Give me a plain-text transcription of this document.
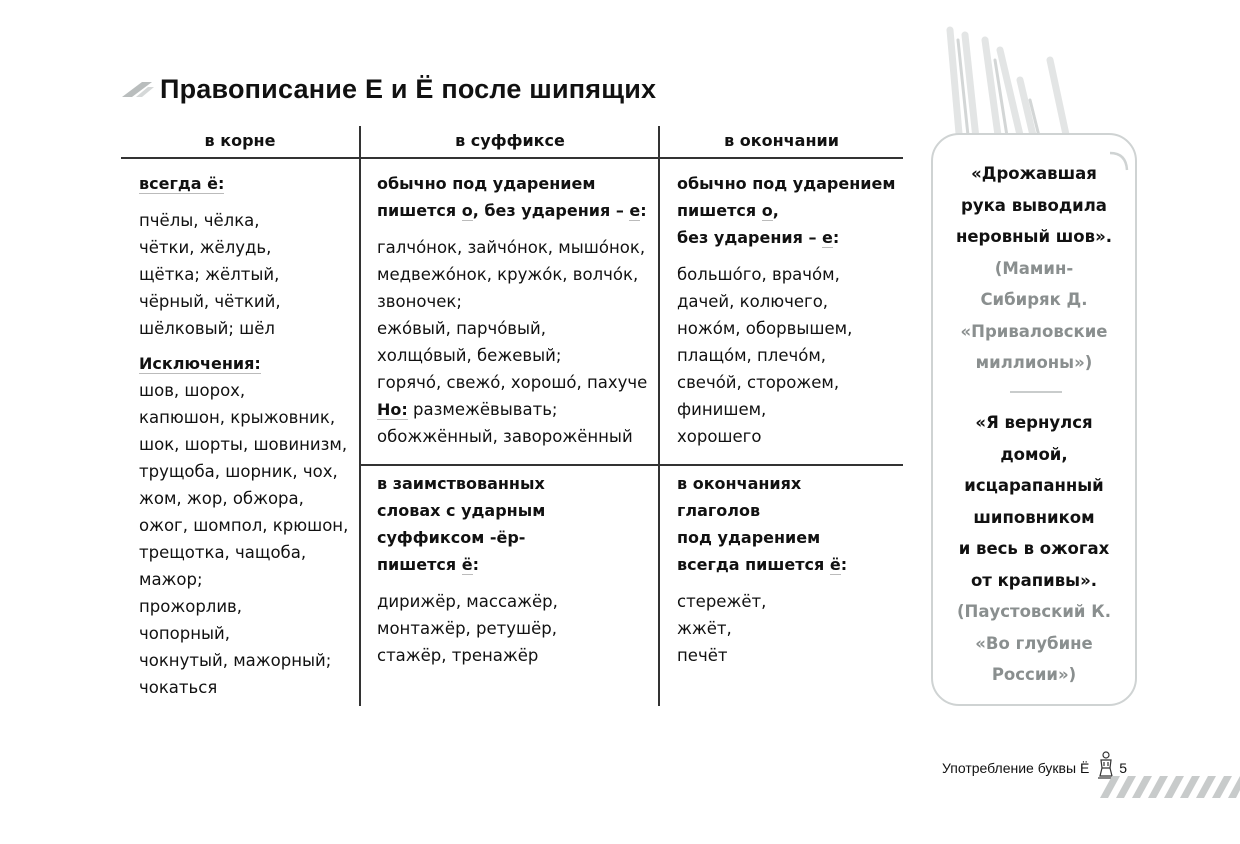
Правописание Е и Ё после шипящих
в корне	в суффиксе	в окончании
всегда ё:
пчёлы, чёлка,
чётки, жёлудь,
щётка; жёлтый,
чёрный, чёткий,
шёлковый; шёл
Исключения:
шов, шорох,
капюшон, крыжовник,
шок, шорты, шовинизм,
трущоба, шорник, чох,
жом, жор, обжора,
ожог, шомпол, крюшон,
трещотка, чащоба,
мажор;
прожорлив,
чопорный,
чокнутый, мажорный;
чокаться
обычно под ударением
пишется о, без ударения – е:
галчо́нок, зайчо́нок, мышо́нок,
медвежо́нок, кружо́к, волчо́к,
звоночек;
ежо́вый, парчо́вый,
холщо́вый, бежевый;
горячо́, свежо́, хорошо́, пахуче
Но: размежёвывать;
обожжённый, заворожённый
в заимствованных
словах с ударным
суффиксом -ёр-
пишется ё:
дирижёр, массажёр,
монтажёр, ретушёр,
стажёр, тренажёр
обычно под ударением
пишется о,
без ударения – е:
большо́го, врачо́м,
дачей, колючего,
ножо́м, оборвышем,
плащо́м, плечо́м,
свечо́й, сторожем,
финишем,
хорошего
в окончаниях
глаголов
под ударением
всегда пишется ё:
стережёт,
жжёт,
печёт
«Дрожавшая
рука выводила
неровный шов».
(Мамин-
Сибиряк Д.
«Приваловские
миллионы»)
«Я вернулся
домой,
исцарапанный
шиповником
и весь в ожогах
от крапивы».
(Паустовский К.
«Во глубине
России»)
Употребление буквы Ё 5
